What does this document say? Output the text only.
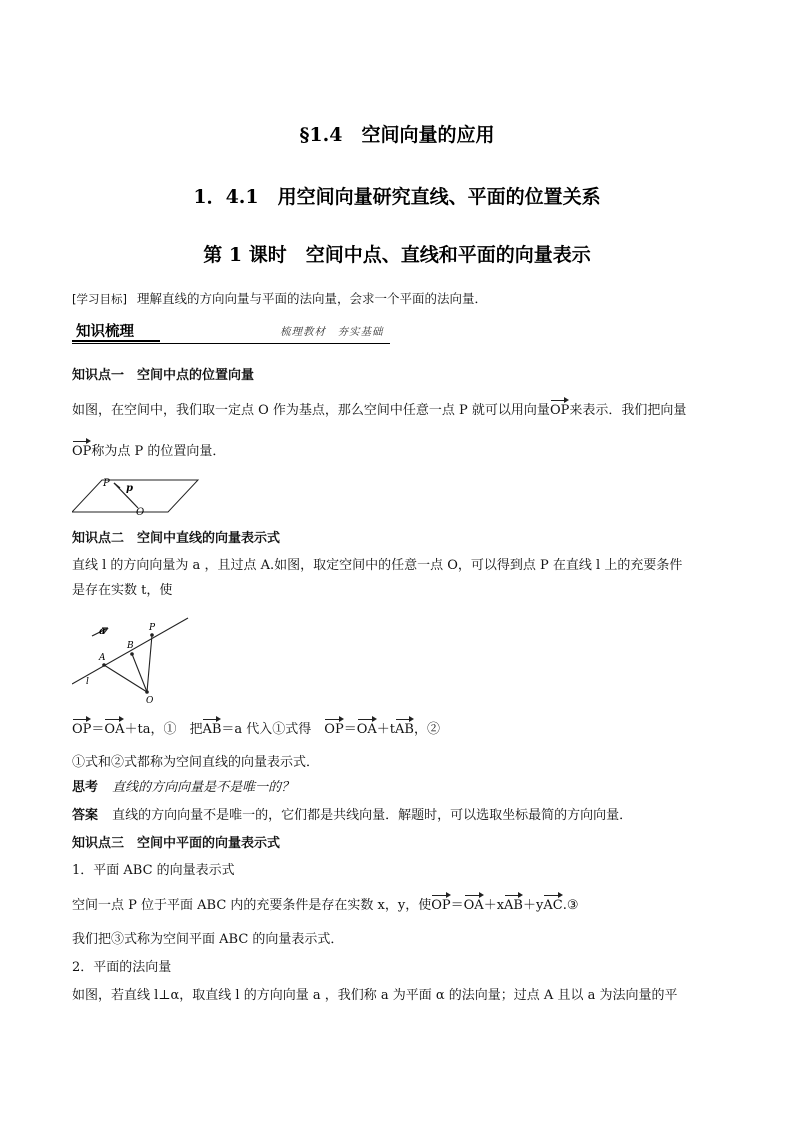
§1.4　空间向量的应用
1．4.1　用空间向量研究直线、平面的位置关系
第 1 课时　空间中点、直线和平面的向量表示
[学习目标] 理解直线的方向向量与平面的法向量，会求一个平面的法向量．
知识梳理	梳理教材　夯实基础
知识点一　空间中点的位置向量
如图，在空间中，我们取一定点 O 作为基点，那么空间中任意一点 P 就可以用向量OP来表示．我们把向量
OP称为点 P 的位置向量．
P p
O
知识点二　空间中直线的向量表示式
直线 l 的方向向量为 a ，且过点 A.如图，取定空间中的任意一点 O，可以得到点 P 在直线 l 上的充要条件
是存在实数 t，使
a
B
P
A
l
O
OP＝OA＋ta，①　把AB＝a 代入①式得　OP＝OA＋tAB，②
①式和②式都称为空间直线的向量表示式．
思考 直线的方向向量是不是唯一的？
答案 直线的方向向量不是唯一的，它们都是共线向量．解题时，可以选取坐标最简的方向向量．
知识点三　空间中平面的向量表示式
1．平面 ABC 的向量表示式
空间一点 P 位于平面 ABC 内的充要条件是存在实数 x，y，使OP＝OA＋xAB＋yAC.③
我们把③式称为空间平面 ABC 的向量表示式．
2．平面的法向量
如图，若直线 l⊥α，取直线 l 的方向向量 a ，我们称 a 为平面 α 的法向量；过点 A 且以 a 为法向量的平
